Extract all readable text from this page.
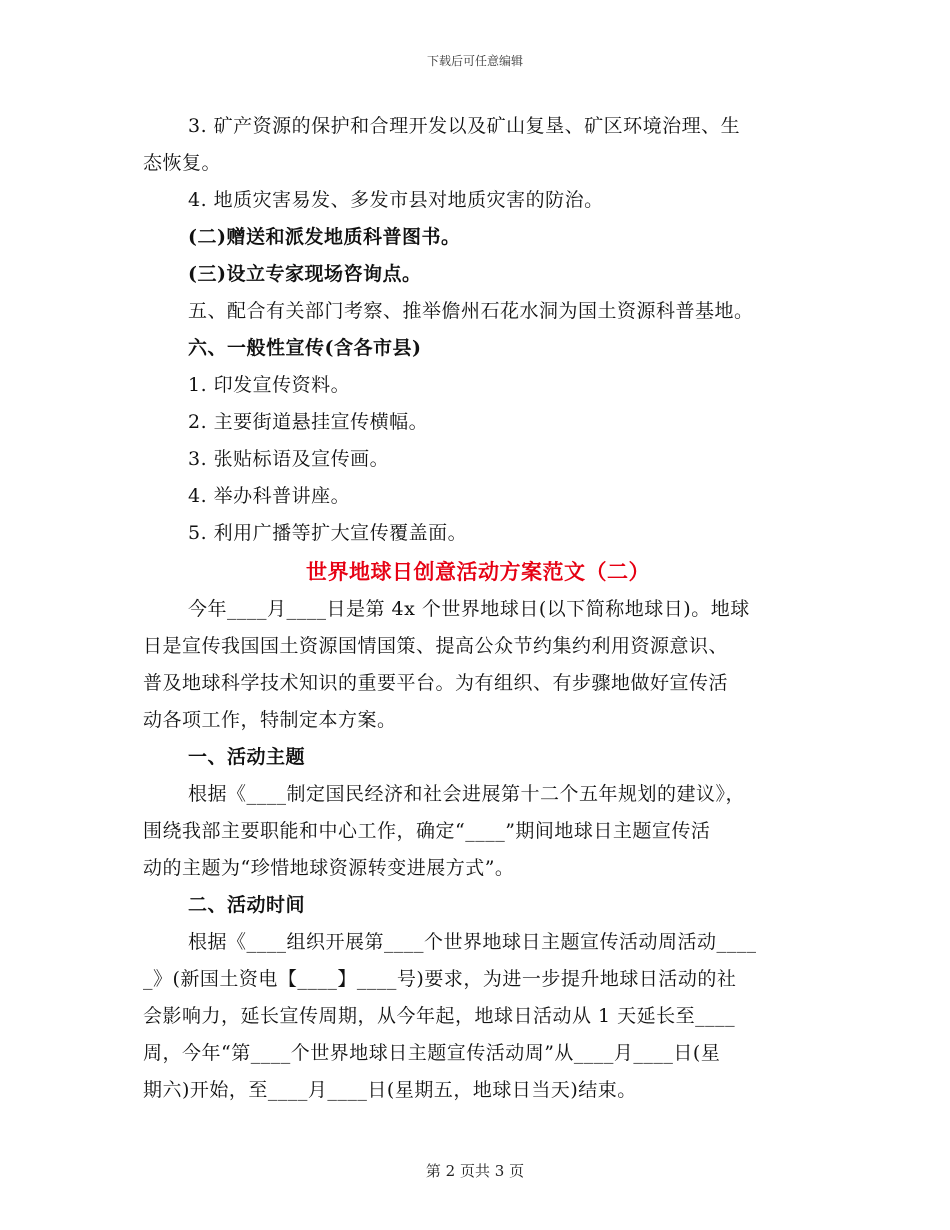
下载后可任意编辑
3. 矿产资源的保护和合理开发以及矿山复垦、矿区环境治理、生
态恢复。
4. 地质灾害易发、多发市县对地质灾害的防治。
(二)赠送和派发地质科普图书。
(三)设立专家现场咨询点。
五、配合有关部门考察、推举儋州石花水洞为国土资源科普基地。
六、一般性宣传(含各市县)
1. 印发宣传资料。
2. 主要街道悬挂宣传横幅。
3. 张贴标语及宣传画。
4. 举办科普讲座。
5. 利用广播等扩大宣传覆盖面。
世界地球日创意活动方案范文（二）
今年____月____日是第 4x 个世界地球日(以下简称地球日)。地球
日是宣传我国国土资源国情国策、提高公众节约集约利用资源意识、
普及地球科学技术知识的重要平台。为有组织、有步骤地做好宣传活
动各项工作，特制定本方案。
一、活动主题
根据《____制定国民经济和社会进展第十二个五年规划的建议》，
围绕我部主要职能和中心工作，确定“____”期间地球日主题宣传活
动的主题为“珍惜地球资源转变进展方式”。
二、活动时间
根据《____组织开展第____个世界地球日主题宣传活动周活动____
_》(新国土资电【____】____号)要求，为进一步提升地球日活动的社
会影响力，延长宣传周期，从今年起，地球日活动从 1 天延长至____
周，今年“第____个世界地球日主题宣传活动周”从____月____日(星
期六)开始，至____月____日(星期五，地球日当天)结束。
第 2 页共 3 页
